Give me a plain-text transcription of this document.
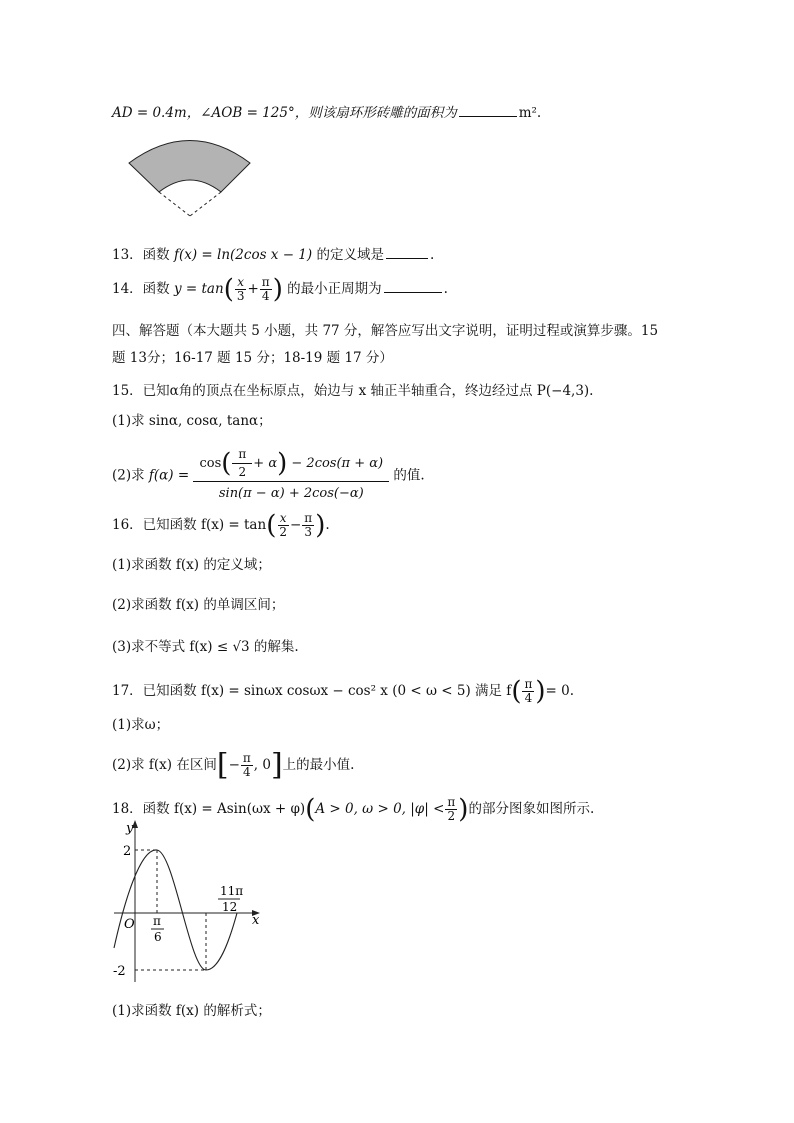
AD = 0.4m，∠AOB = 125°，则该扇环形砖雕的面积为	m².
13．函数 f(x) = ln(2cos x − 1) 的定义域是	.
14．函数 $y = \tan( \frac{x}{3} + \frac{\pi}{4}$ ) 的最小正周期为	.
四、解答题（本大题共 5 小题，共 77 分，解答应写出文字说明，证明过程或演算步骤。15
题 13分；16-17 题 15 分；18-19 题 17 分）
15．已知α角的顶点在坐标原点，始边与 x 轴正半轴重合，终边经过点 P(−4,3).
(1)求 sinα, cosα, tanα；
(2)求 $f(\alpha) = \frac{\cos( \frac{\pi}{2} + \alpha) - 2\cos(\pi + \alpha)}{\sin(\pi - \alpha) + 2\cos(-\alpha)}$ 的值.
16．已知函数 $f(x) = \tan( \frac{x}{2} - \frac{\pi}{3}$ ).
(1)求函数 f(x) 的定义域；
(2)求函数 f(x) 的单调区间；
(3)求不等式 f(x) ≤ √3 的解集.
17．已知函数 f(x) = sinωx cosωx − cos² x (0 < ω < 5) 满足 $f( \frac{\pi}{4}$ )= 0.
(1)求ω；
(2)求 f(x) 在区间[− $\frac{\pi}{4}$ , 0]上的最小值.
18．函数 f(x) = Asin(ωx + φ)(A > 0, ω > 0, $|\varphi| < \frac{\pi}{2}$ )的部分图象如图所示.
y
x
O
2
-2
π
6
11π
12
(1)求函数 f(x) 的解析式；
